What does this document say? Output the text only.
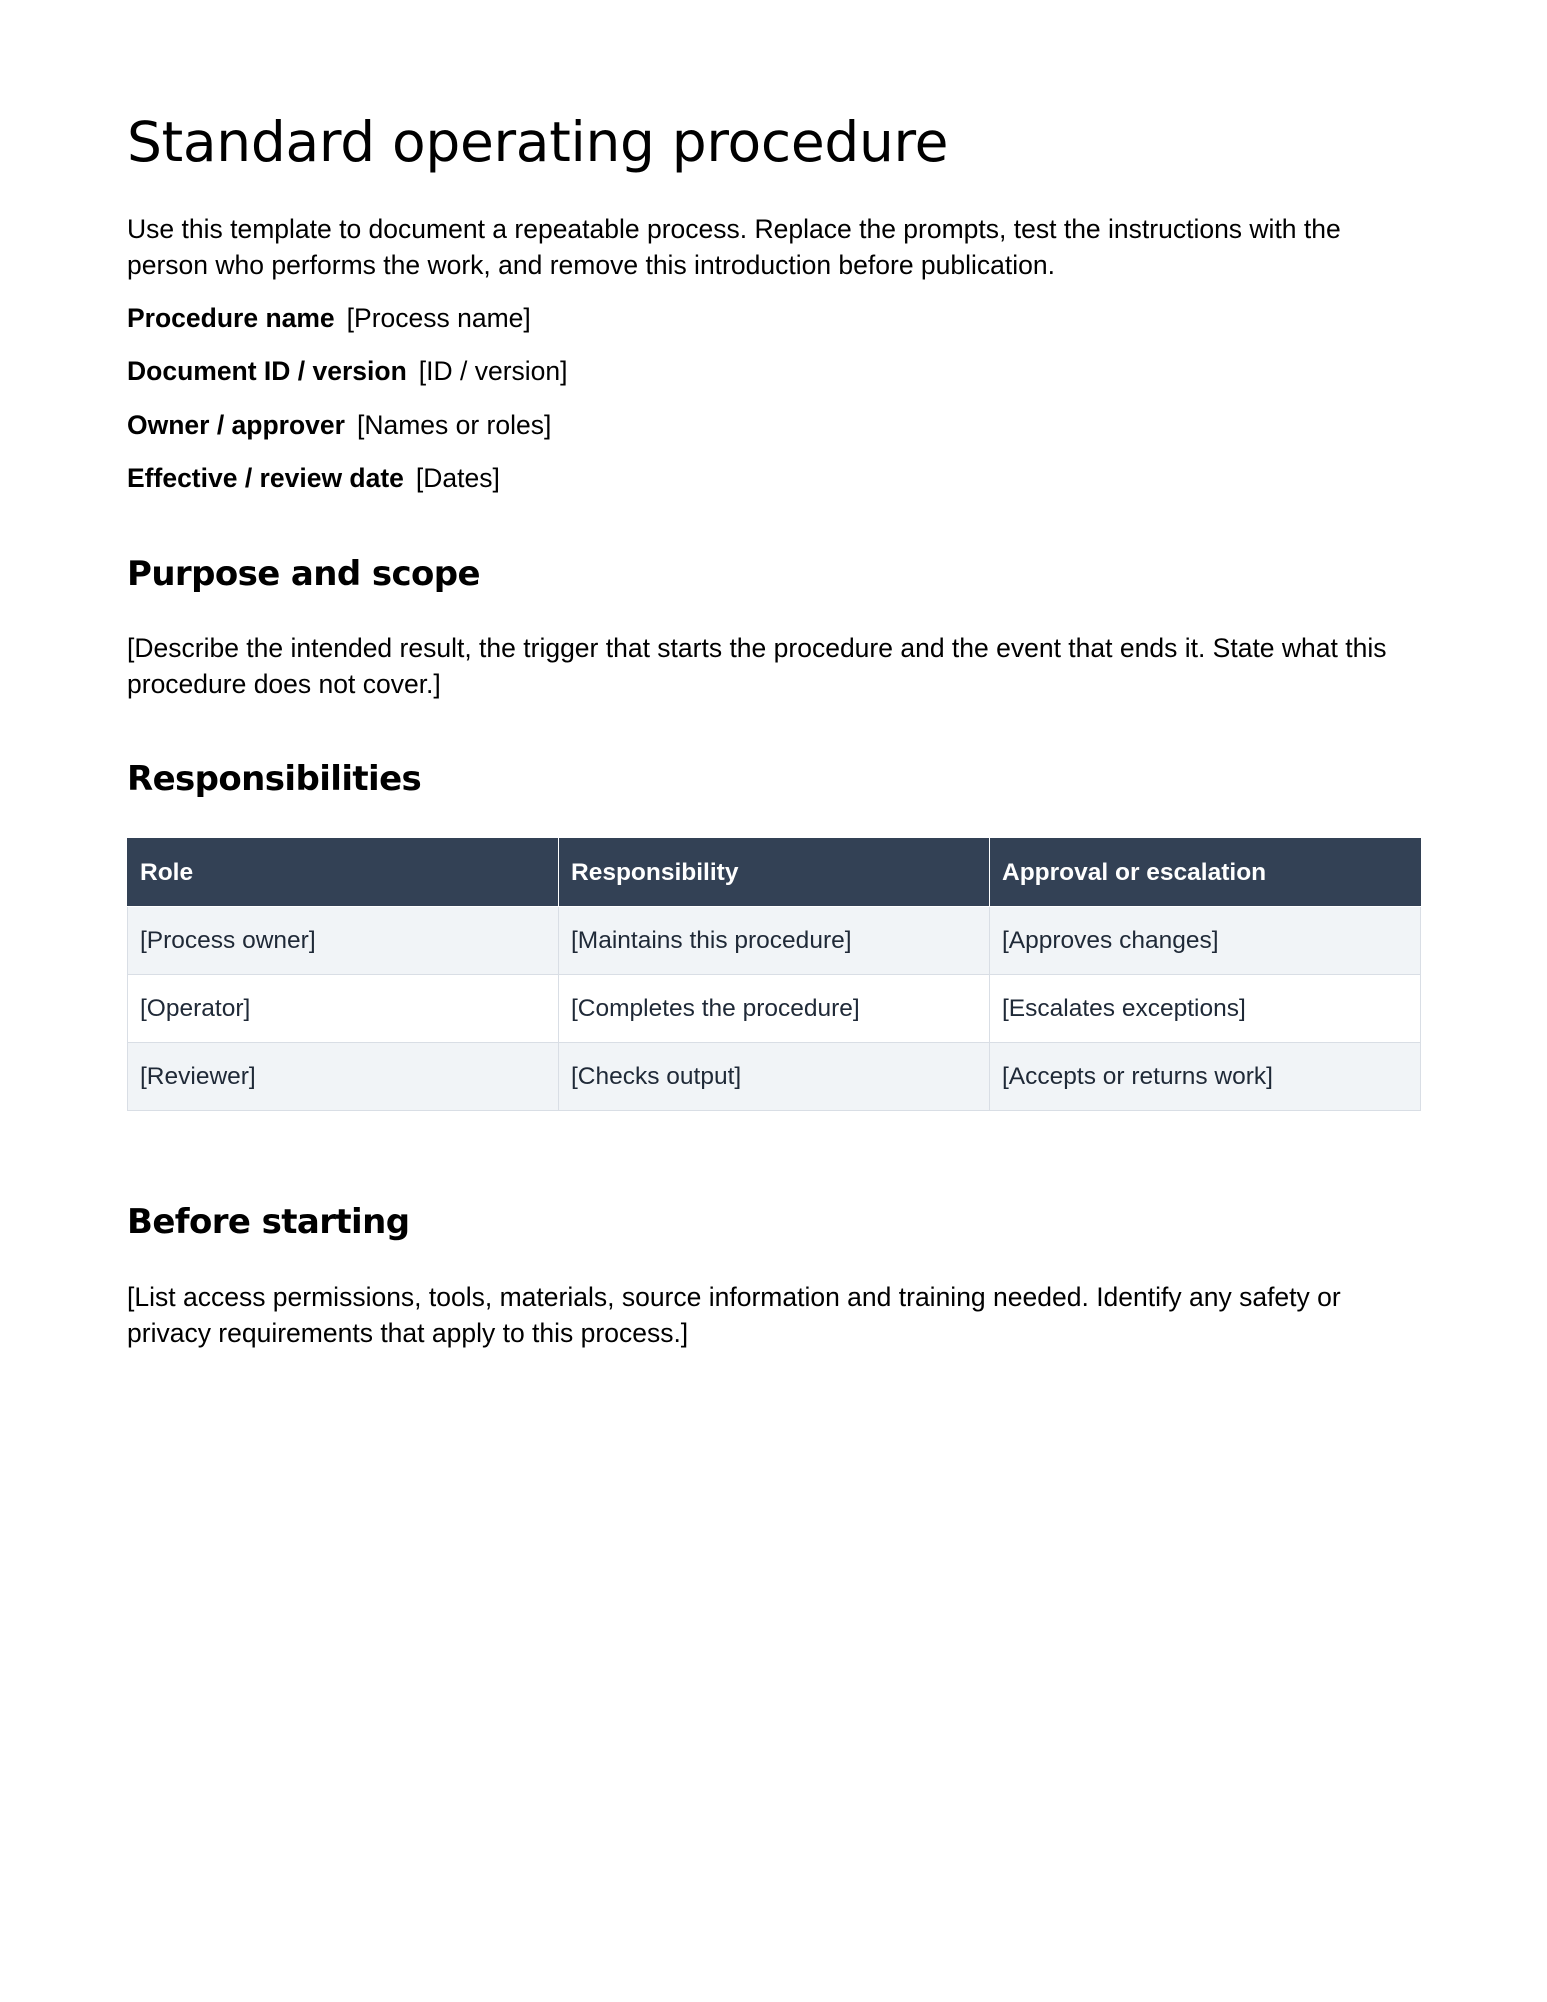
Standard operating procedure

Use this template to document a repeatable process. Replace the prompts, test the instructions with the person who performs the work, and remove this introduction before publication.

Procedure name [Process name]

Document ID / version [ID / version]

Owner / approver [Names or roles]

Effective / review date [Dates]

Purpose and scope

[Describe the intended result, the trigger that starts the procedure and the event that ends it. State what this procedure does not cover.]

Responsibilities
Role	Responsibility	Approval or escalation
[Process owner]	[Maintains this procedure]	[Approves changes]
[Operator]	[Completes the procedure]	[Escalates exceptions]
[Reviewer]	[Checks output]	[Accepts or returns work]
Before starting

[List access permissions, tools, materials, source information and training needed. Identify any safety or privacy requirements that apply to this process.]
